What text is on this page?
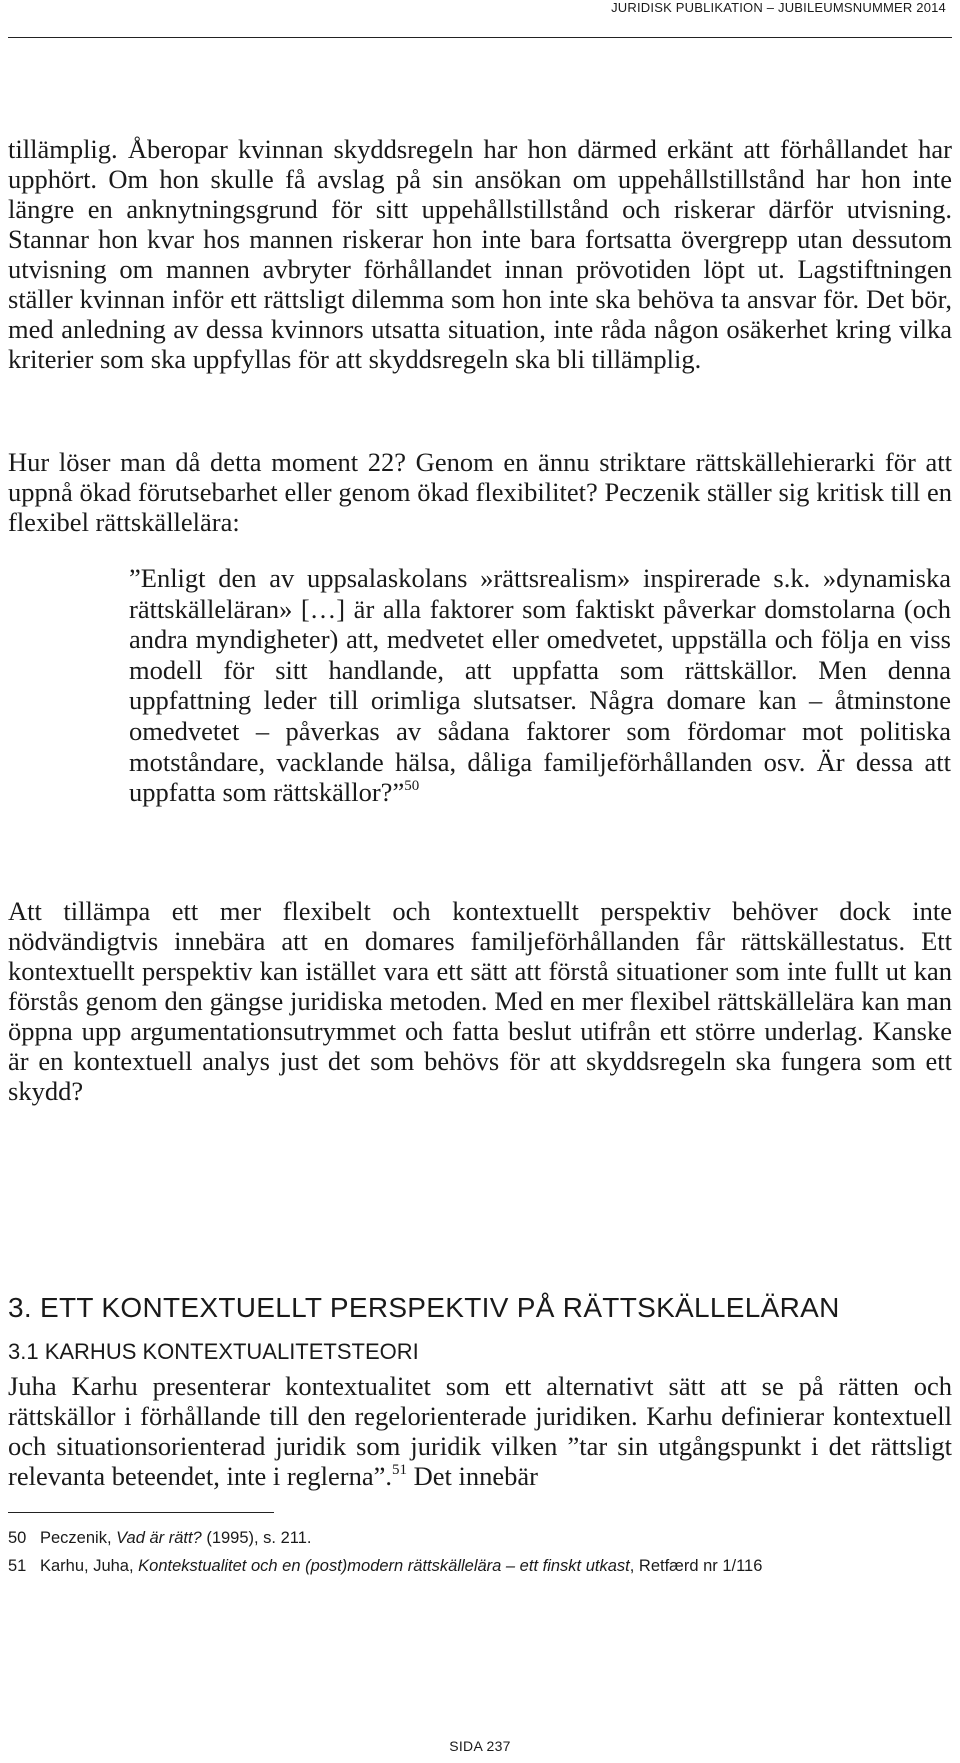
JURIDISK PUBLIKATION – JUBILEUMSNUMMER 2014

tillämplig. Åberopar kvinnan skyddsregeln har hon därmed erkänt att förhållandet har upphört. Om hon skulle få avslag på sin ansökan om uppehållstillstånd har hon inte längre en anknytningsgrund för sitt uppehållstillstånd och riskerar därför utvisning. Stannar hon kvar hos mannen riskerar hon inte bara fortsatta övergrepp utan dessutom utvisning om mannen avbryter förhållandet innan prövotiden löpt ut. Lagstiftningen ställer kvinnan inför ett rättsligt dilemma som hon inte ska behöva ta ansvar för. Det bör, med anledning av dessa kvinnors utsatta situation, inte råda någon osäkerhet kring vilka kriterier som ska uppfyllas för att skyddsregeln ska bli tillämplig.

Hur löser man då detta moment 22? Genom en ännu striktare rättskällehierarki för att uppnå ökad förutsebarhet eller genom ökad flexibilitet? Peczenik ställer sig kritisk till en flexibel rättskällelära:

”Enligt den av uppsalaskolans »rättsrealism» inspirerade s.k. »dynamiska rättskälleläran» […] är alla faktorer som faktiskt påverkar domstolarna (och andra myndigheter) att, medvetet eller omedvetet, uppställa och följa en viss modell för sitt handlande, att uppfatta som rättskällor. Men denna uppfattning leder till orimliga slutsatser. Några domare kan – åtminstone omedvetet – påverkas av sådana faktorer som fördomar mot politiska motståndare, vacklande hälsa, dåliga familjeförhållanden osv. Är dessa att uppfatta som rättskällor?”$^{50}$

Att tillämpa ett mer flexibelt och kontextuellt perspektiv behöver dock inte nödvändigtvis innebära att en domares familjeförhållanden får rättskällestatus. Ett kontextuellt perspektiv kan istället vara ett sätt att förstå situationer som inte fullt ut kan förstås genom den gängse juridiska metoden. Med en mer flexibel rättskällelära kan man öppna upp argumentationsutrymmet och fatta beslut utifrån ett större underlag. Kanske är en kontextuell analys just det som behövs för att skyddsregeln ska fungera som ett skydd?

3. ETT KONTEXTUELLT PERSPEKTIV PÅ RÄTTSKÄLLELÄRAN
3.1 KARHUS KONTEXTUALITETSTEORI

Juha Karhu presenterar kontextualitet som ett alternativt sätt att se på rätten och rättskällor i förhållande till den regelorienterade juridiken. Karhu definierar kontextuell och situationsorienterad juridik som juridik vilken ”tar sin utgångspunkt i det rättsligt relevanta beteendet, inte i reglerna”.$^{51}$ Det innebär

50 Peczenik, Vad är rätt? (1995), s. 211.

51 Karhu, Juha, Kontekstualitet och en (post)modern rättskällelära – ett finskt utkast, Retfærd nr 1/116

SIDA 237
